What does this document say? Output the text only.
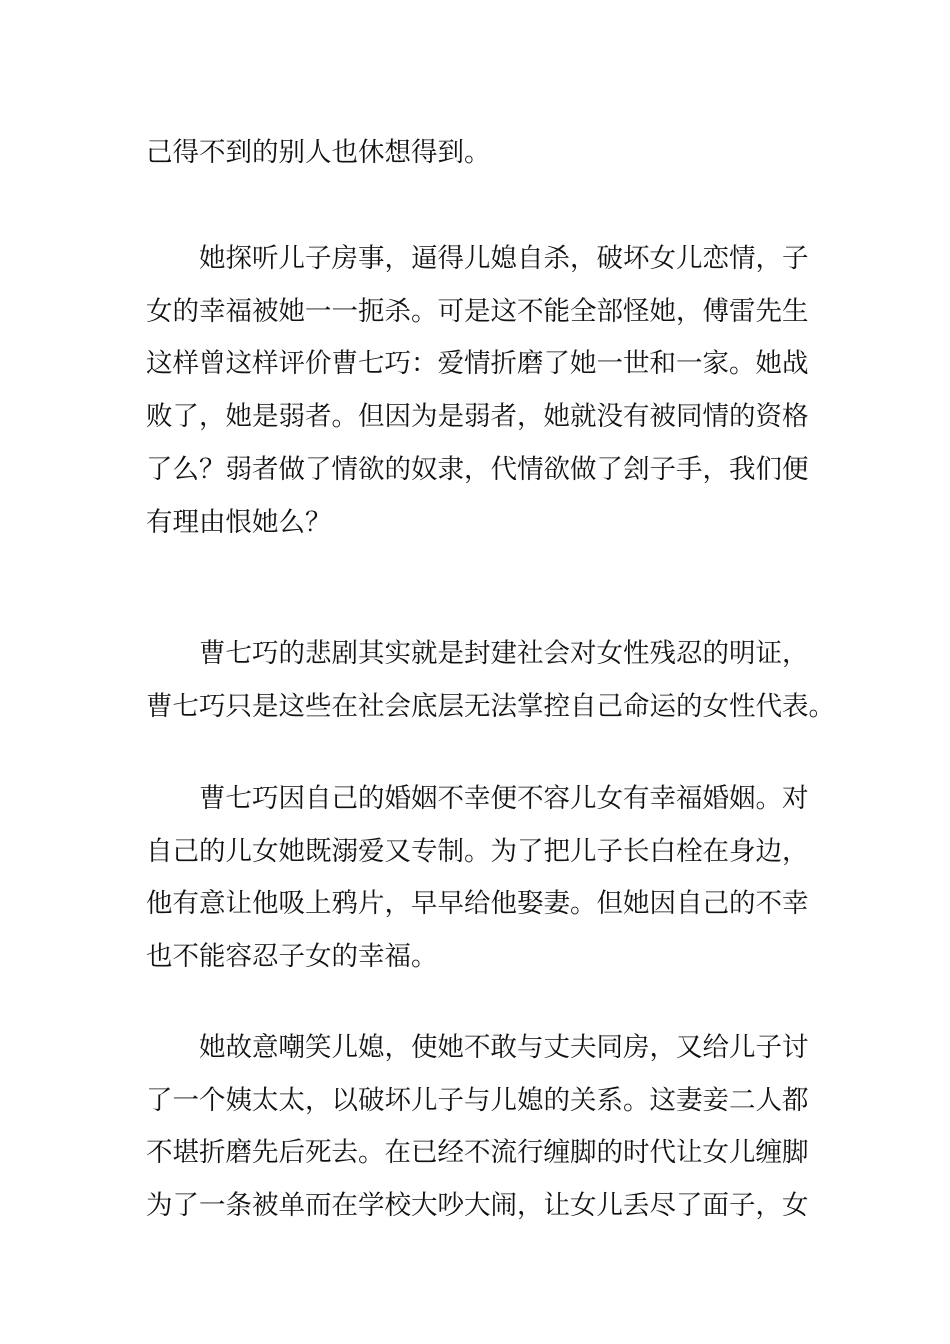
己得不到的别人也休想得到。

她探听儿子房事，逼得儿媳自杀，破坏女儿恋情，子
女的幸福被她一一扼杀。可是这不能全部怪她，傅雷先生
这样曾这样评价曹七巧：爱情折磨了她一世和一家。她战
败了，她是弱者。但因为是弱者，她就没有被同情的资格
了么？弱者做了情欲的奴隶，代情欲做了刽子手，我们便
有理由恨她么？

曹七巧的悲剧其实就是封建社会对女性残忍的明证，
曹七巧只是这些在社会底层无法掌控自己命运的女性代表。

曹七巧因自己的婚姻不幸便不容儿女有幸福婚姻。对
自己的儿女她既溺爱又专制。为了把儿子长白栓在身边，
他有意让他吸上鸦片，早早给他娶妻。但她因自己的不幸
也不能容忍子女的幸福。

她故意嘲笑儿媳，使她不敢与丈夫同房，又给儿子讨
了一个姨太太，以破坏儿子与儿媳的关系。这妻妾二人都
不堪折磨先后死去。在已经不流行缠脚的时代让女儿缠脚
为了一条被单而在学校大吵大闹，让女儿丢尽了面子，女
